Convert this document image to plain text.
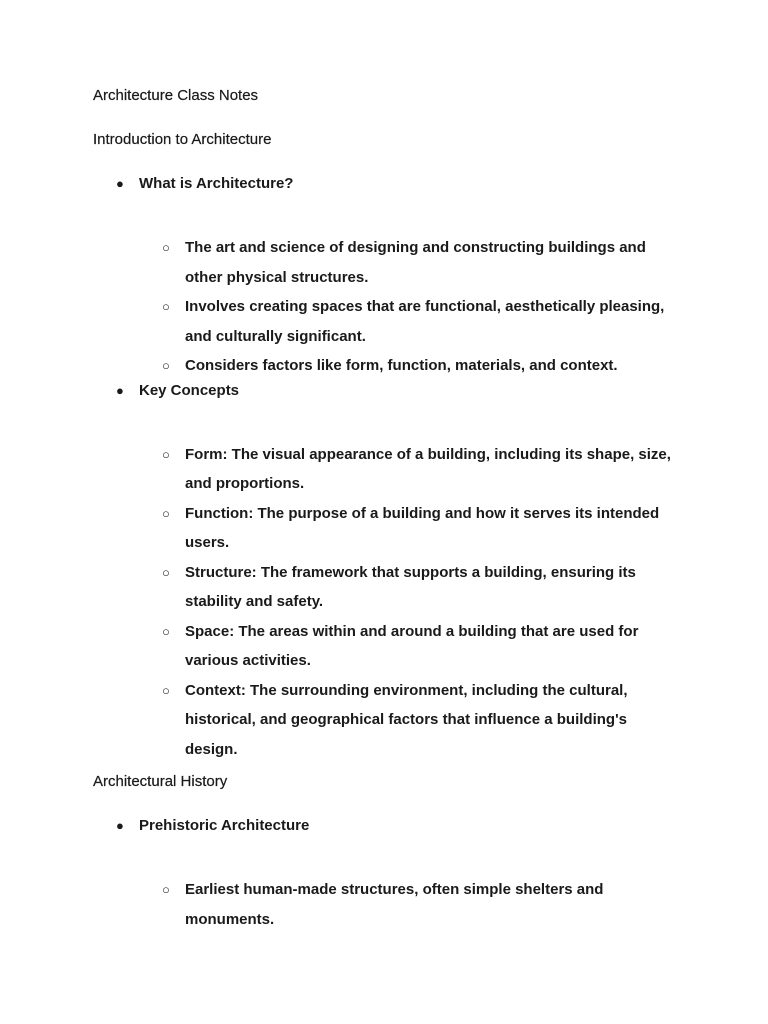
Architecture Class Notes

Introduction to Architecture

● What is Architecture?
○ The art and science of designing and constructing buildings and other physical structures.
○ Involves creating spaces that are functional, aesthetically pleasing, and culturally significant.
○ Considers factors like form, function, materials, and context.
● Key Concepts
○ Form: The visual appearance of a building, including its shape, size, and proportions.
○ Function: The purpose of a building and how it serves its intended users.
○ Structure: The framework that supports a building, ensuring its stability and safety.
○ Space: The areas within and around a building that are used for various activities.
○ Context: The surrounding environment, including the cultural, historical, and geographical factors that influence a building's design.

Architectural History

● Prehistoric Architecture
○ Earliest human-made structures, often simple shelters and monuments.
